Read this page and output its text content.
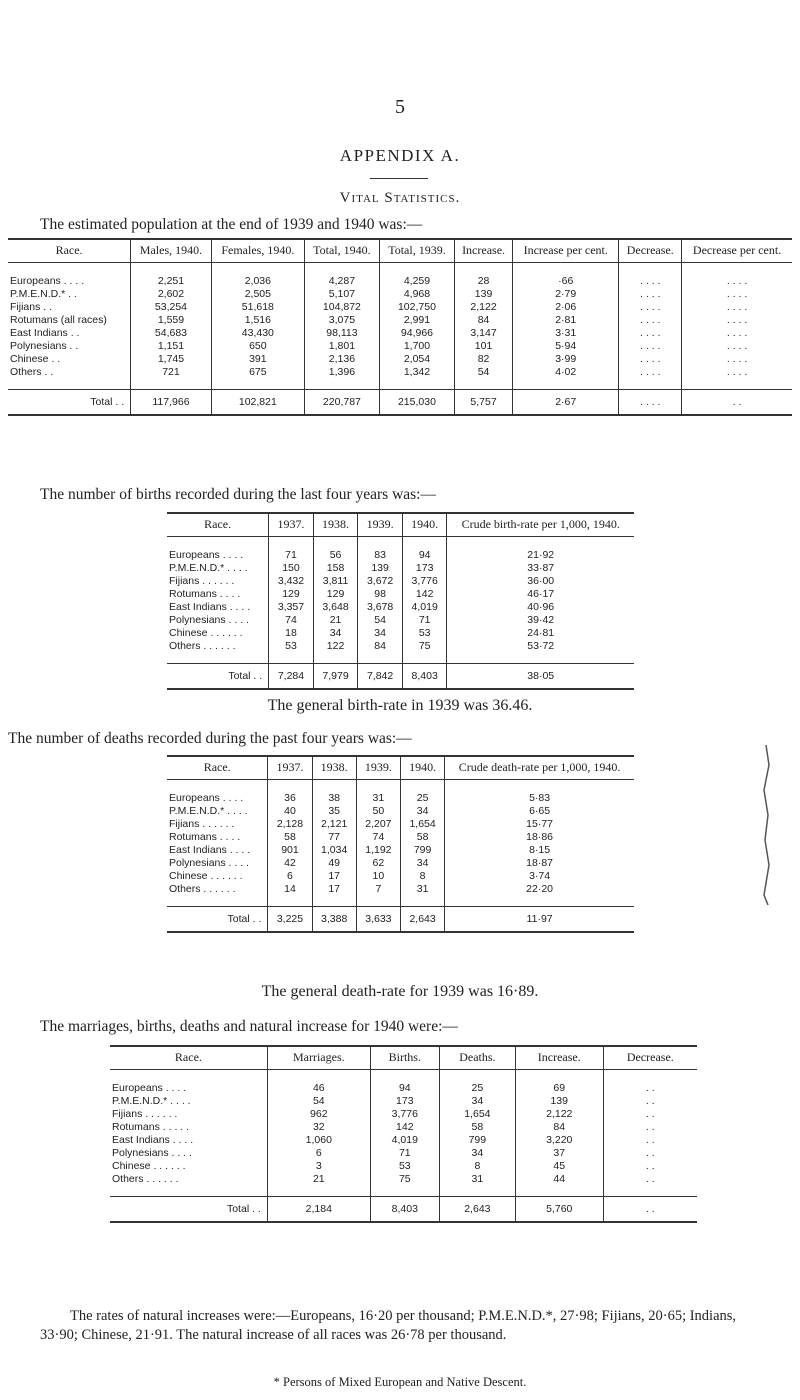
5
APPENDIX A.
Vital Statistics.
The estimated population at the end of 1939 and 1940 was:—
Race.	Males, 1940.	Females, 1940.	Total, 1940.	Total, 1939.	Increase.	Increase per cent.	Decrease.	Decrease per cent.
Europeans . . . .	2,251	2,036	4,287	4,259	28	·66	. . . .	. . . .
P.M.E.N.D.* . .	2,602	2,505	5,107	4,968	139	2·79	. . . .	. . . .
Fijians . .	53,254	51,618	104,872	102,750	2,122	2·06	. . . .	. . . .
Rotumans (all races)	1,559	1,516	3,075	2,991	84	2·81	. . . .	. . . .
East Indians . .	54,683	43,430	98,113	94,966	3,147	3·31	. . . .	. . . .
Polynesians . .	1,151	650	1,801	1,700	101	5·94	. . . .	. . . .
Chinese . .	1,745	391	2,136	2,054	82	3·99	. . . .	. . . .
Others . .	721	675	1,396	1,342	54	4·02	. . . .	. . . .
Total . .	117,966	102,821	220,787	215,030	5,757	2·67	. . . .	. .
The number of births recorded during the last four years was:—
Race.	1937.	1938.	1939.	1940.	Crude birth-rate per 1,000, 1940.
Europeans . . . .	71	56	83	94	21·92
P.M.E.N.D.* . . . .	150	158	139	173	33·87
Fijians . . . . . .	3,432	3,811	3,672	3,776	36·00
Rotumans . . . .	129	129	98	142	46·17
East Indians . . . .	3,357	3,648	3,678	4,019	40·96
Polynesians . . . .	74	21	54	71	39·42
Chinese . . . . . .	18	34	34	53	24·81
Others . . . . . .	53	122	84	75	53·72
Total . .	7,284	7,979	7,842	8,403	38·05
The general birth-rate in 1939 was 36.46.
The number of deaths recorded during the past four years was:—
Race.	1937.	1938.	1939.	1940.	Crude death-rate per 1,000, 1940.
Europeans . . . .	36	38	31	25	5·83
P.M.E.N.D.* . . . .	40	35	50	34	6·65
Fijians . . . . . .	2,128	2,121	2,207	1,654	15·77
Rotumans . . . .	58	77	74	58	18·86
East Indians . . . .	901	1,034	1,192	799	8·15
Polynesians . . . .	42	49	62	34	18·87
Chinese . . . . . .	6	17	10	8	3·74
Others . . . . . .	14	17	7	31	22·20
Total . .	3,225	3,388	3,633	2,643	11·97
The general death-rate for 1939 was 16·89.
The marriages, births, deaths and natural increase for 1940 were:—
Race.	Marriages.	Births.	Deaths.	Increase.	Decrease.
Europeans . . . .	46	94	25	69	. .
P.M.E.N.D.* . . . .	54	173	34	139	. .
Fijians . . . . . .	962	3,776	1,654	2,122	. .
Rotumans . . . . .	32	142	58	84	. .
East Indians . . . .	1,060	4,019	799	3,220	. .
Polynesians . . . .	6	71	34	37	. .
Chinese . . . . . .	3	53	8	45	. .
Others . . . . . .	21	75	31	44	. .
Total . .	2,184	8,403	2,643	5,760	. .
The rates of natural increases were:—Europeans, 16·20 per thousand; P.M.E.N.D.*, 27·98; Fijians, 20·65; Indians, 33·90; Chinese, 21·91. The natural increase of all races was 26·78 per thousand.
* Persons of Mixed European and Native Descent.
